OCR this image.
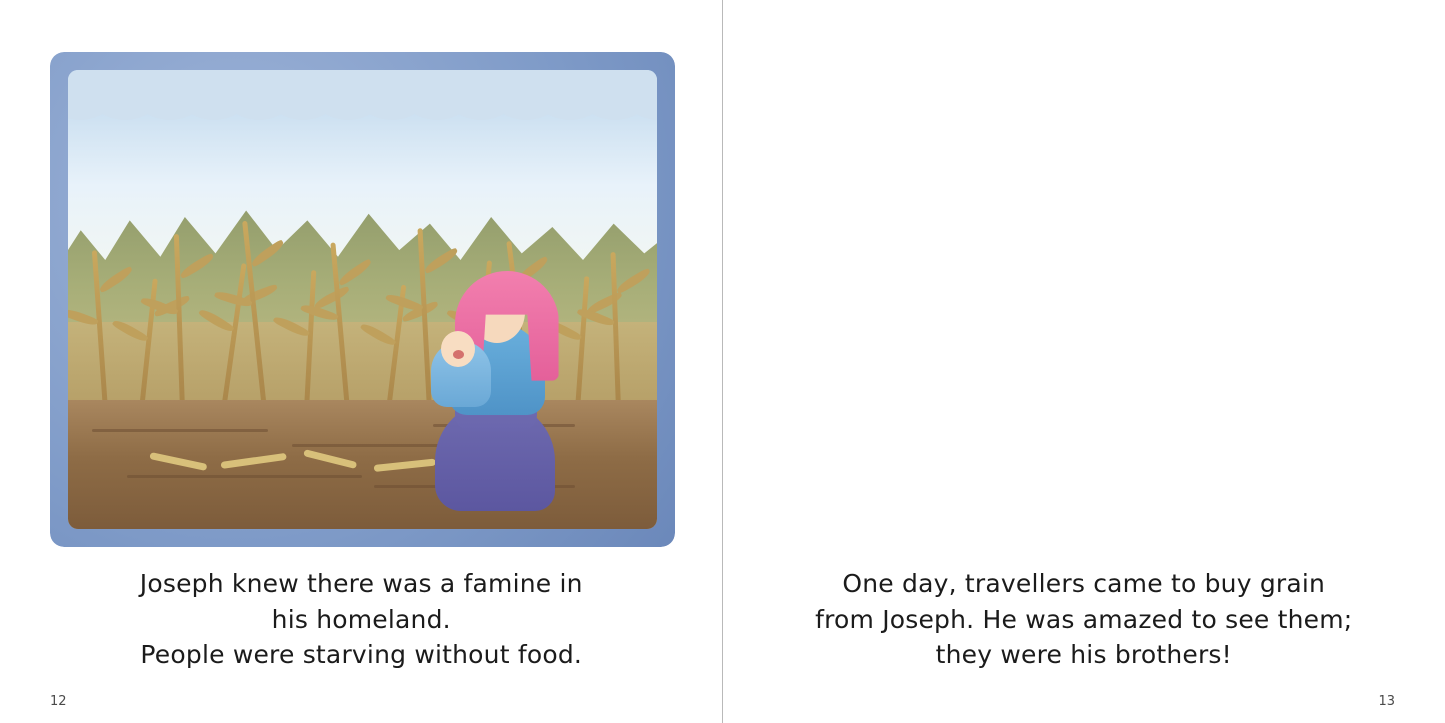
Joseph knew there was a famine in
his homeland.
People were starving without food.
12
One day, travellers came to buy grain
from Joseph. He was amazed to see them;
they were his brothers!
13
